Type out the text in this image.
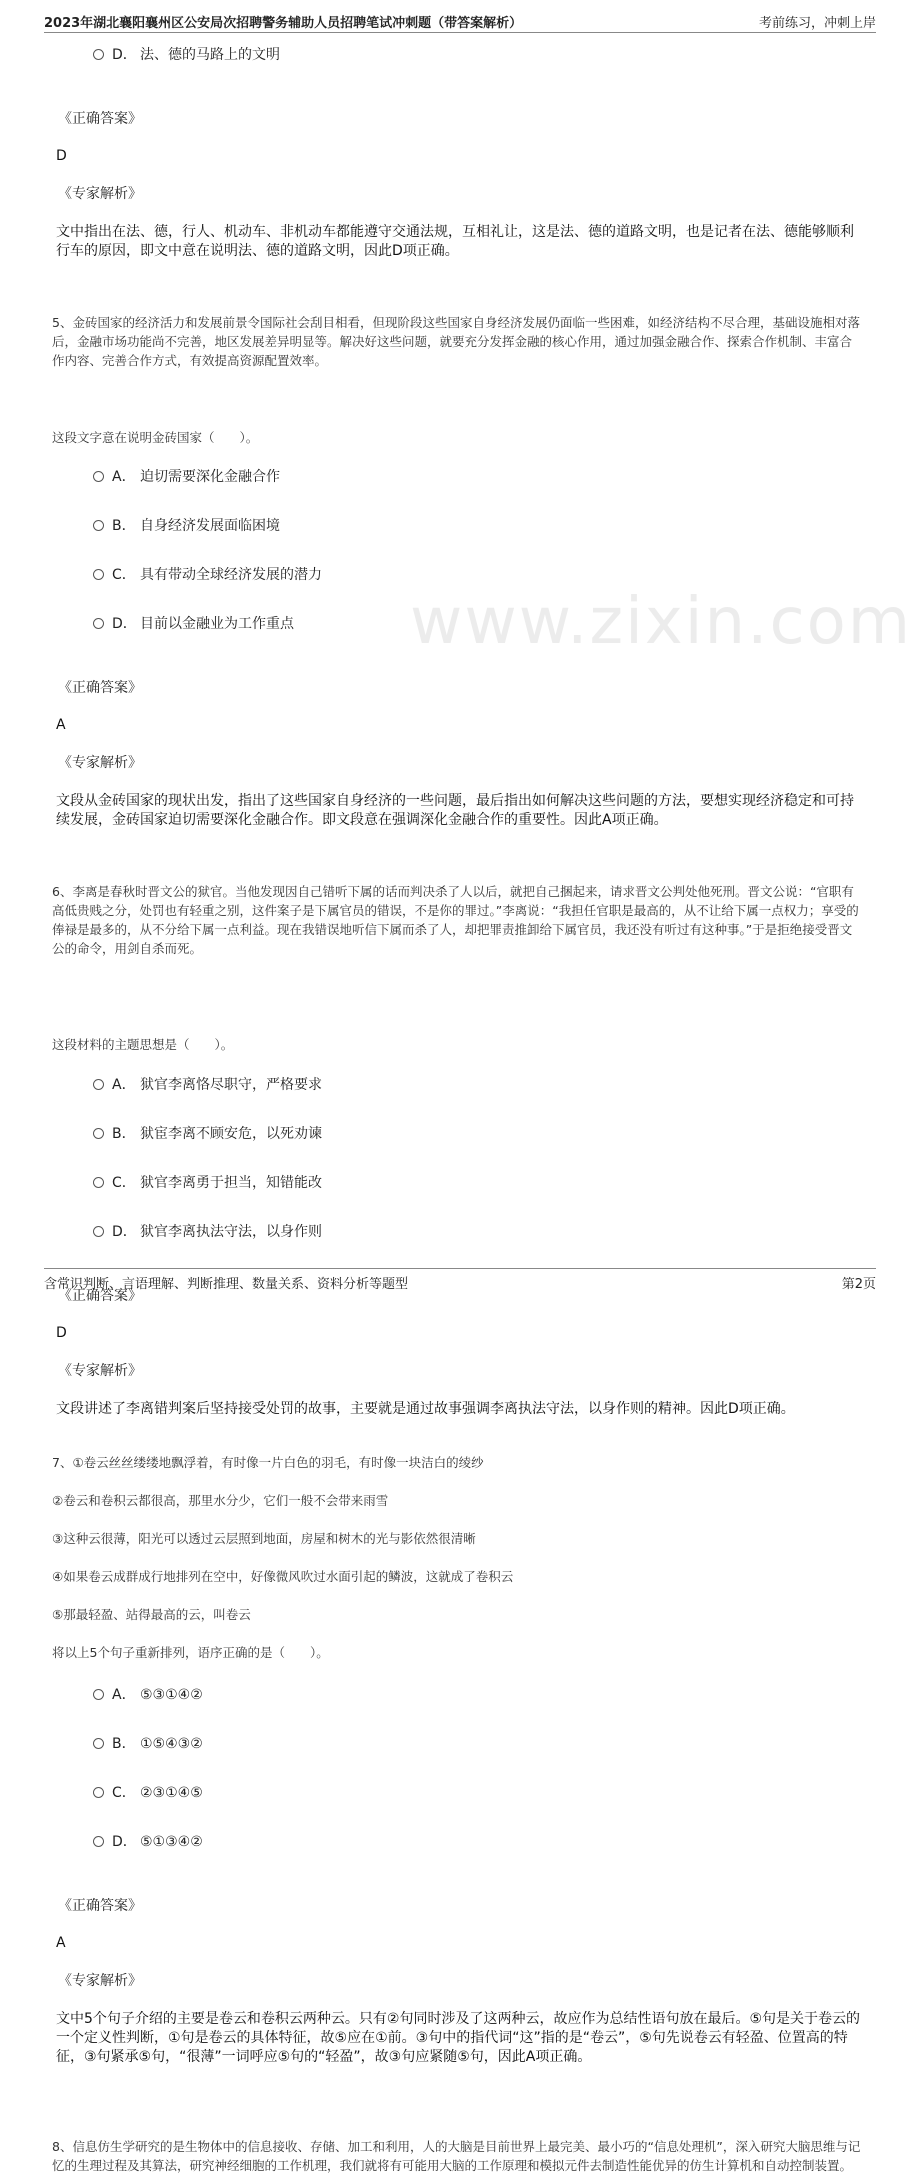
2023年湖北襄阳襄州区公安局次招聘警务辅助人员招聘笔试冲刺题（带答案解析）	考前练习，冲刺上岸
www.zixin.com
D． 法、德的马路上的文明
《正确答案》
D
《专家解析》
文中指出在法、德，行人、机动车、非机动车都能遵守交通法规，互相礼让，这是法、德的道路文明，也是记者在法、德能够顺利行车的原因，即文中意在说明法、德的道路文明，因此D项正确。
5、金砖国家的经济活力和发展前景令国际社会刮目相看，但现阶段这些国家自身经济发展仍面临一些困难，如经济结构不尽合理，基础设施相对落后，金融市场功能尚不完善，地区发展差异明显等。解决好这些问题，就要充分发挥金融的核心作用，通过加强金融合作、探索合作机制、丰富合作内容、完善合作方式，有效提高资源配置效率。
这段文字意在说明金砖国家（　　）。
A． 迫切需要深化金融合作
B． 自身经济发展面临困境
C． 具有带动全球经济发展的潜力
D． 目前以金融业为工作重点
《正确答案》
A
《专家解析》
文段从金砖国家的现状出发，指出了这些国家自身经济的一些问题，最后指出如何解决这些问题的方法，要想实现经济稳定和可持续发展，金砖国家迫切需要深化金融合作。即文段意在强调深化金融合作的重要性。因此A项正确。
6、李离是春秋时晋文公的狱官。当他发现因自己错听下属的话而判决杀了人以后，就把自己捆起来，请求晋文公判处他死刑。晋文公说：“官职有高低贵贱之分，处罚也有轻重之别，这件案子是下属官员的错误，不是你的罪过。”李离说：“我担任官职是最高的，从不让给下属一点权力；享受的俸禄是最多的，从不分给下属一点利益。现在我错误地听信下属而杀了人，却把罪责推卸给下属官员，我还没有听过有这种事。”于是拒绝接受晋文公的命令，用剑自杀而死。
这段材料的主题思想是（　　）。
A． 狱官李离恪尽职守，严格要求
B． 狱宦李离不顾安危，以死劝谏
C． 狱官李离勇于担当，知错能改
D． 狱官李离执法守法，以身作则
《正确答案》
D
《专家解析》
文段讲述了李离错判案后坚持接受处罚的故事，主要就是通过故事强调李离执法守法，以身作则的精神。因此D项正确。
7、①卷云丝丝缕缕地飘浮着，有时像一片白色的羽毛，有时像一块洁白的绫纱
②卷云和卷积云都很高，那里水分少，它们一般不会带来雨雪
③这种云很薄，阳光可以透过云层照到地面，房屋和树木的光与影依然很清晰
④如果卷云成群成行地排列在空中，好像微风吹过水面引起的鳞波，这就成了卷积云
⑤那最轻盈、站得最高的云，叫卷云
将以上5个句子重新排列，语序正确的是（　　）。
A． ⑤③①④②
B． ①⑤④③②
C． ②③①④⑤
D． ⑤①③④②
《正确答案》
A
《专家解析》
文中5个句子介绍的主要是卷云和卷积云两种云。只有②句同时涉及了这两种云，故应作为总结性语句放在最后。⑤句是关于卷云的一个定义性判断，①句是卷云的具体特征，故⑤应在①前。③句中的指代词“这”指的是“卷云”，⑤句先说卷云有轻盈、位置高的特征，③句紧承⑤句，“很薄”一词呼应⑤句的“轻盈”，故③句应紧随⑤句，因此A项正确。
8、信息仿生学研究的是生物体中的信息接收、存储、加工和利用，人的大脑是目前世界上最完美、最小巧的“信息处理机”，深入研究大脑思维与记忆的生理过程及其算法，研究神经细胞的工作机理，我们就将有可能用大脑的工作原理和模拟元件去制造性能优异的仿生计算机和自动控制装置。
含常识判断、言语理解、判断推理、数量关系、资料分析等题型	第2页
